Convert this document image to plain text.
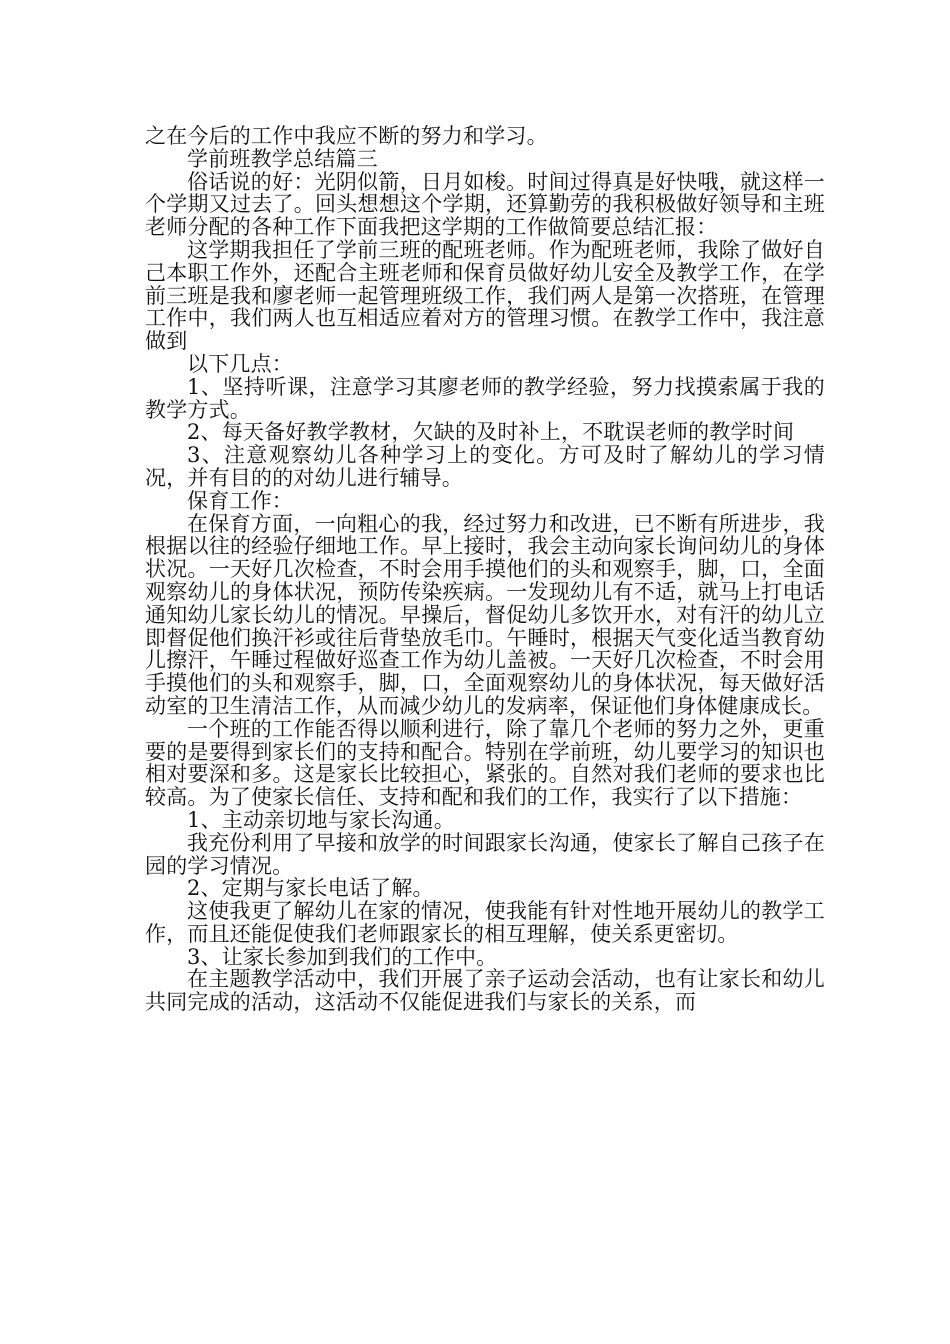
之在今后的工作中我应不断的努力和学习。

学前班教学总结篇三

俗话说的好：光阴似箭，日月如梭。时间过得真是好快哦，就这样一个学期又过去了。回头想想这个学期，还算勤劳的我积极做好领导和主班老师分配的各种工作下面我把这学期的工作做简要总结汇报：

这学期我担任了学前三班的配班老师。作为配班老师，我除了做好自己本职工作外，还配合主班老师和保育员做好幼儿安全及教学工作，在学前三班是我和廖老师一起管理班级工作，我们两人是第一次搭班，在管理工作中，我们两人也互相适应着对方的管理习惯。在教学工作中，我注意做到

以下几点：

1、坚持听课，注意学习其廖老师的教学经验，努力找摸索属于我的教学方式。

2、每天备好教学教材，欠缺的及时补上，不耽误老师的教学时间

3、注意观察幼儿各种学习上的变化。方可及时了解幼儿的学习情况，并有目的的对幼儿进行辅导。

保育工作：

在保育方面，一向粗心的我，经过努力和改进，已不断有所进步，我根据以往的经验仔细地工作。早上接时，我会主动向家长询问幼儿的身体状况。一天好几次检查，不时会用手摸他们的头和观察手，脚，口，全面观察幼儿的身体状况，预防传染疾病。一发现幼儿有不适，就马上打电话通知幼儿家长幼儿的情况。早操后，督促幼儿多饮开水，对有汗的幼儿立即督促他们换汗衫或往后背垫放毛巾。午睡时，根据天气变化适当教育幼儿擦汗，午睡过程做好巡查工作为幼儿盖被。一天好几次检查，不时会用手摸他们的头和观察手，脚，口，全面观察幼儿的身体状况，每天做好活动室的卫生清洁工作，从而减少幼儿的发病率，保证他们身体健康成长。

一个班的工作能否得以顺利进行，除了靠几个老师的努力之外，更重要的是要得到家长们的支持和配合。特别在学前班，幼儿要学习的知识也相对要深和多。这是家长比较担心，紧张的。自然对我们老师的要求也比较高。为了使家长信任、支持和配和我们的工作，我实行了以下措施：

1、主动亲切地与家长沟通。

我充份利用了早接和放学的时间跟家长沟通，使家长了解自己孩子在园的学习情况。

2、定期与家长电话了解。

这使我更了解幼儿在家的情况，使我能有针对性地开展幼儿的教学工作，而且还能促使我们老师跟家长的相互理解，使关系更密切。

3、让家长参加到我们的工作中。

在主题教学活动中，我们开展了亲子运动会活动，也有让家长和幼儿共同完成的活动，这活动不仅能促进我们与家长的关系，而
